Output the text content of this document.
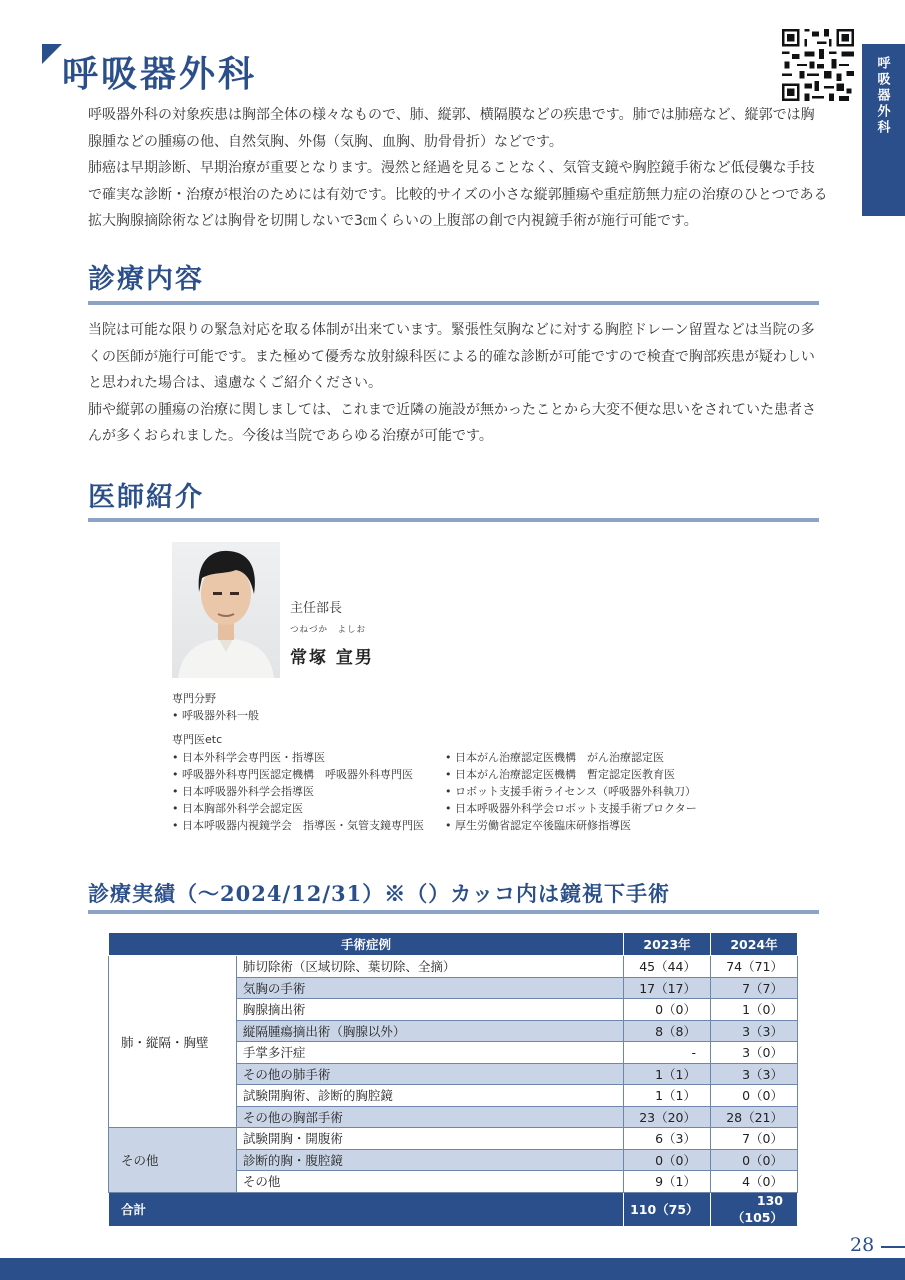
呼吸器外科	呼吸器外科

呼吸器外科の対象疾患は胸部全体の様々なもので、肺、縦郭、横隔膜などの疾患です。肺では肺癌など、縦郭では胸腺腫などの腫瘍の他、自然気胸、外傷（気胸、血胸、肋骨骨折）などです。

肺癌は早期診断、早期治療が重要となります。漫然と経過を見ることなく、気管支鏡や胸腔鏡手術など低侵襲な手技で確実な診断・治療が根治のためには有効です。比較的サイズの小さな縦郭腫瘍や重症筋無力症の治療のひとつである拡大胸腺摘除術などは胸骨を切開しないで3㎝くらいの上腹部の創で内視鏡手術が施行可能です。

診療内容

当院は可能な限りの緊急対応を取る体制が出来ています。緊張性気胸などに対する胸腔ドレーン留置などは当院の多くの医師が施行可能です。また極めて優秀な放射線科医による的確な診断が可能ですので検査で胸部疾患が疑わしいと思われた場合は、遠慮なくご紹介ください。

肺や縦郭の腫瘍の治療に関しましては、これまで近隣の施設が無かったことから大変不便な思いをされていた患者さんが多くおられました。今後は当院であらゆる治療が可能です。

医師紹介
主任部長
つねづか　よしお
常塚 宣男
専門分野
• 呼吸器外科一般
専門医etc
• 日本外科学会専門医・指導医
• 呼吸器外科専門医認定機構　呼吸器外科専門医
• 日本呼吸器外科学会指導医
• 日本胸部外科学会認定医
• 日本呼吸器内視鏡学会　指導医・気管支鏡専門医
• 日本がん治療認定医機構　がん治療認定医
• 日本がん治療認定医機構　暫定認定医教育医
• ロボット支援手術ライセンス（呼吸器外科執刀）
• 日本呼吸器外科学会ロボット支援手術プロクター
• 厚生労働省認定卒後臨床研修指導医
診療実績（～2024/12/31）※（）カッコ内は鏡視下手術
手術症例		2023年	2024年
肺・縦隔・胸壁	肺切除術（区域切除、葉切除、全摘）	45（44）	74（71）
	気胸の手術	17（17）	7（7）
	胸腺摘出術	0（0）	1（0）
	縦隔腫瘍摘出術（胸腺以外）	8（8）	3（3）
	手掌多汗症	-	3（0）
	その他の肺手術	1（1）	3（3）
	試験開胸術、診断的胸腔鏡	1（1）	0（0）
	その他の胸部手術	23（20）	28（21）
その他	試験開胸・開腹術	6（3）	7（0）
	診断的胸・腹腔鏡	0（0）	0（0）
	その他	9（1）	4（0）
合計		110（75）	130（105）
28
